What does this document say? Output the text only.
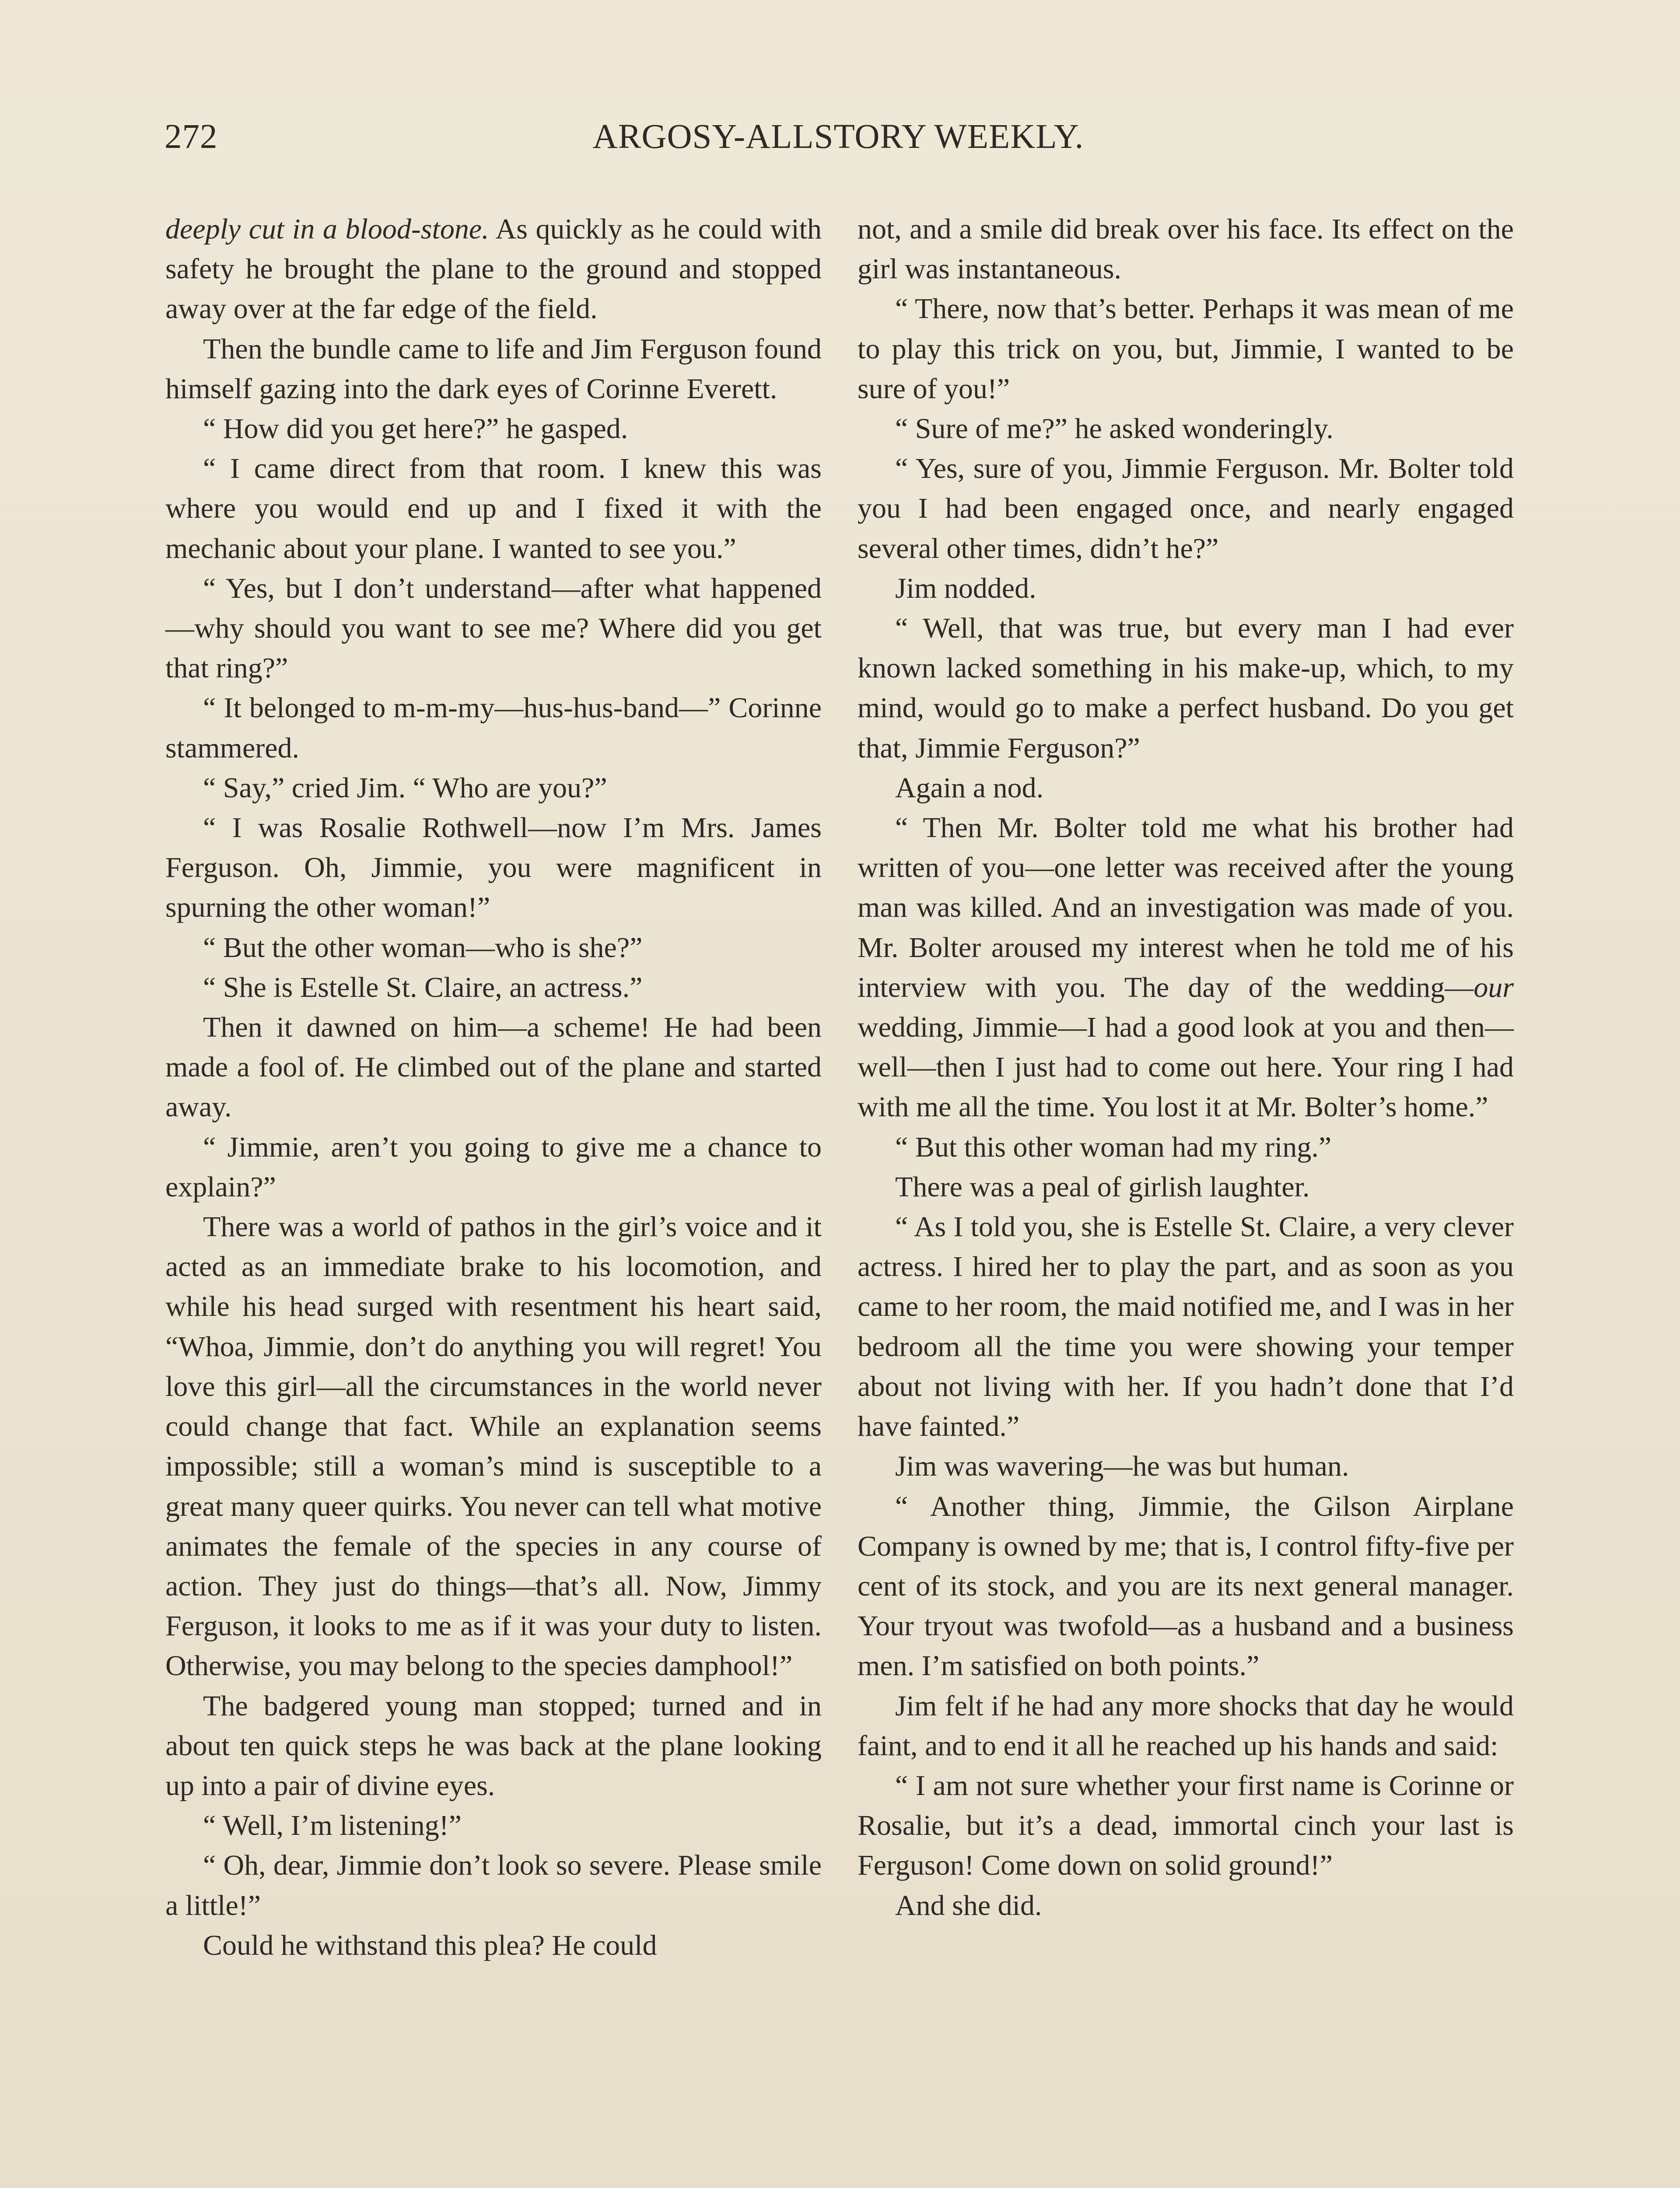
272	ARGOSY-ALLSTORY WEEKLY.

deeply cut in a blood-stone. As quickly as he could with safety he brought the plane to the ground and stopped away over at the far edge of the field.

Then the bundle came to life and Jim Ferguson found himself gazing into the dark eyes of Corinne Everett.

“ How did you get here?” he gasped.

“ I came direct from that room. I knew this was where you would end up and I fixed it with the mechanic about your plane. I wanted to see you.”

“ Yes, but I don’t understand—after what happened—why should you want to see me? Where did you get that ring?”

“ It belonged to m-m-my—hus-hus-band—” Corinne stammered.

“ Say,” cried Jim. “ Who are you?”

“ I was Rosalie Rothwell—now I’m Mrs. James Ferguson. Oh, Jimmie, you were magnificent in spurning the other woman!”

“ But the other woman—who is she?”

“ She is Estelle St. Claire, an actress.”

Then it dawned on him—a scheme! He had been made a fool of. He climbed out of the plane and started away.

“ Jimmie, aren’t you going to give me a chance to explain?”

There was a world of pathos in the girl’s voice and it acted as an immediate brake to his locomotion, and while his head surged with resentment his heart said, “Whoa, Jimmie, don’t do anything you will regret! You love this girl—all the circumstances in the world never could change that fact. While an explanation seems impossible; still a woman’s mind is susceptible to a great many queer quirks. You never can tell what motive animates the female of the species in any course of action. They just do things—that’s all. Now, Jimmy Ferguson, it looks to me as if it was your duty to listen. Otherwise, you may belong to the species damphool!”

The badgered young man stopped; turned and in about ten quick steps he was back at the plane looking up into a pair of divine eyes.

“ Well, I’m listening!”

“ Oh, dear, Jimmie don’t look so severe. Please smile a little!”

Could he withstand this plea? He could

not, and a smile did break over his face. Its effect on the girl was instantaneous.

“ There, now that’s better. Perhaps it was mean of me to play this trick on you, but, Jimmie, I wanted to be sure of you!”

“ Sure of me?” he asked wonderingly.

“ Yes, sure of you, Jimmie Ferguson. Mr. Bolter told you I had been engaged once, and nearly engaged several other times, didn’t he?”

Jim nodded.

“ Well, that was true, but every man I had ever known lacked something in his make-up, which, to my mind, would go to make a perfect husband. Do you get that, Jimmie Ferguson?”

Again a nod.

“ Then Mr. Bolter told me what his brother had written of you—one letter was received after the young man was killed. And an investigation was made of you. Mr. Bolter aroused my interest when he told me of his interview with you. The day of the wedding—our wedding, Jimmie—I had a good look at you and then—well—then I just had to come out here. Your ring I had with me all the time. You lost it at Mr. Bolter’s home.”

“ But this other woman had my ring.”

There was a peal of girlish laughter.

“ As I told you, she is Estelle St. Claire, a very clever actress. I hired her to play the part, and as soon as you came to her room, the maid notified me, and I was in her bedroom all the time you were showing your temper about not living with her. If you hadn’t done that I’d have fainted.”

Jim was wavering—he was but human.

“ Another thing, Jimmie, the Gilson Airplane Company is owned by me; that is, I control fifty-five per cent of its stock, and you are its next general manager. Your tryout was twofold—as a husband and a business men. I’m satisfied on both points.”

Jim felt if he had any more shocks that day he would faint, and to end it all he reached up his hands and said:

“ I am not sure whether your first name is Corinne or Rosalie, but it’s a dead, immortal cinch your last is Ferguson! Come down on solid ground!”

And she did.
